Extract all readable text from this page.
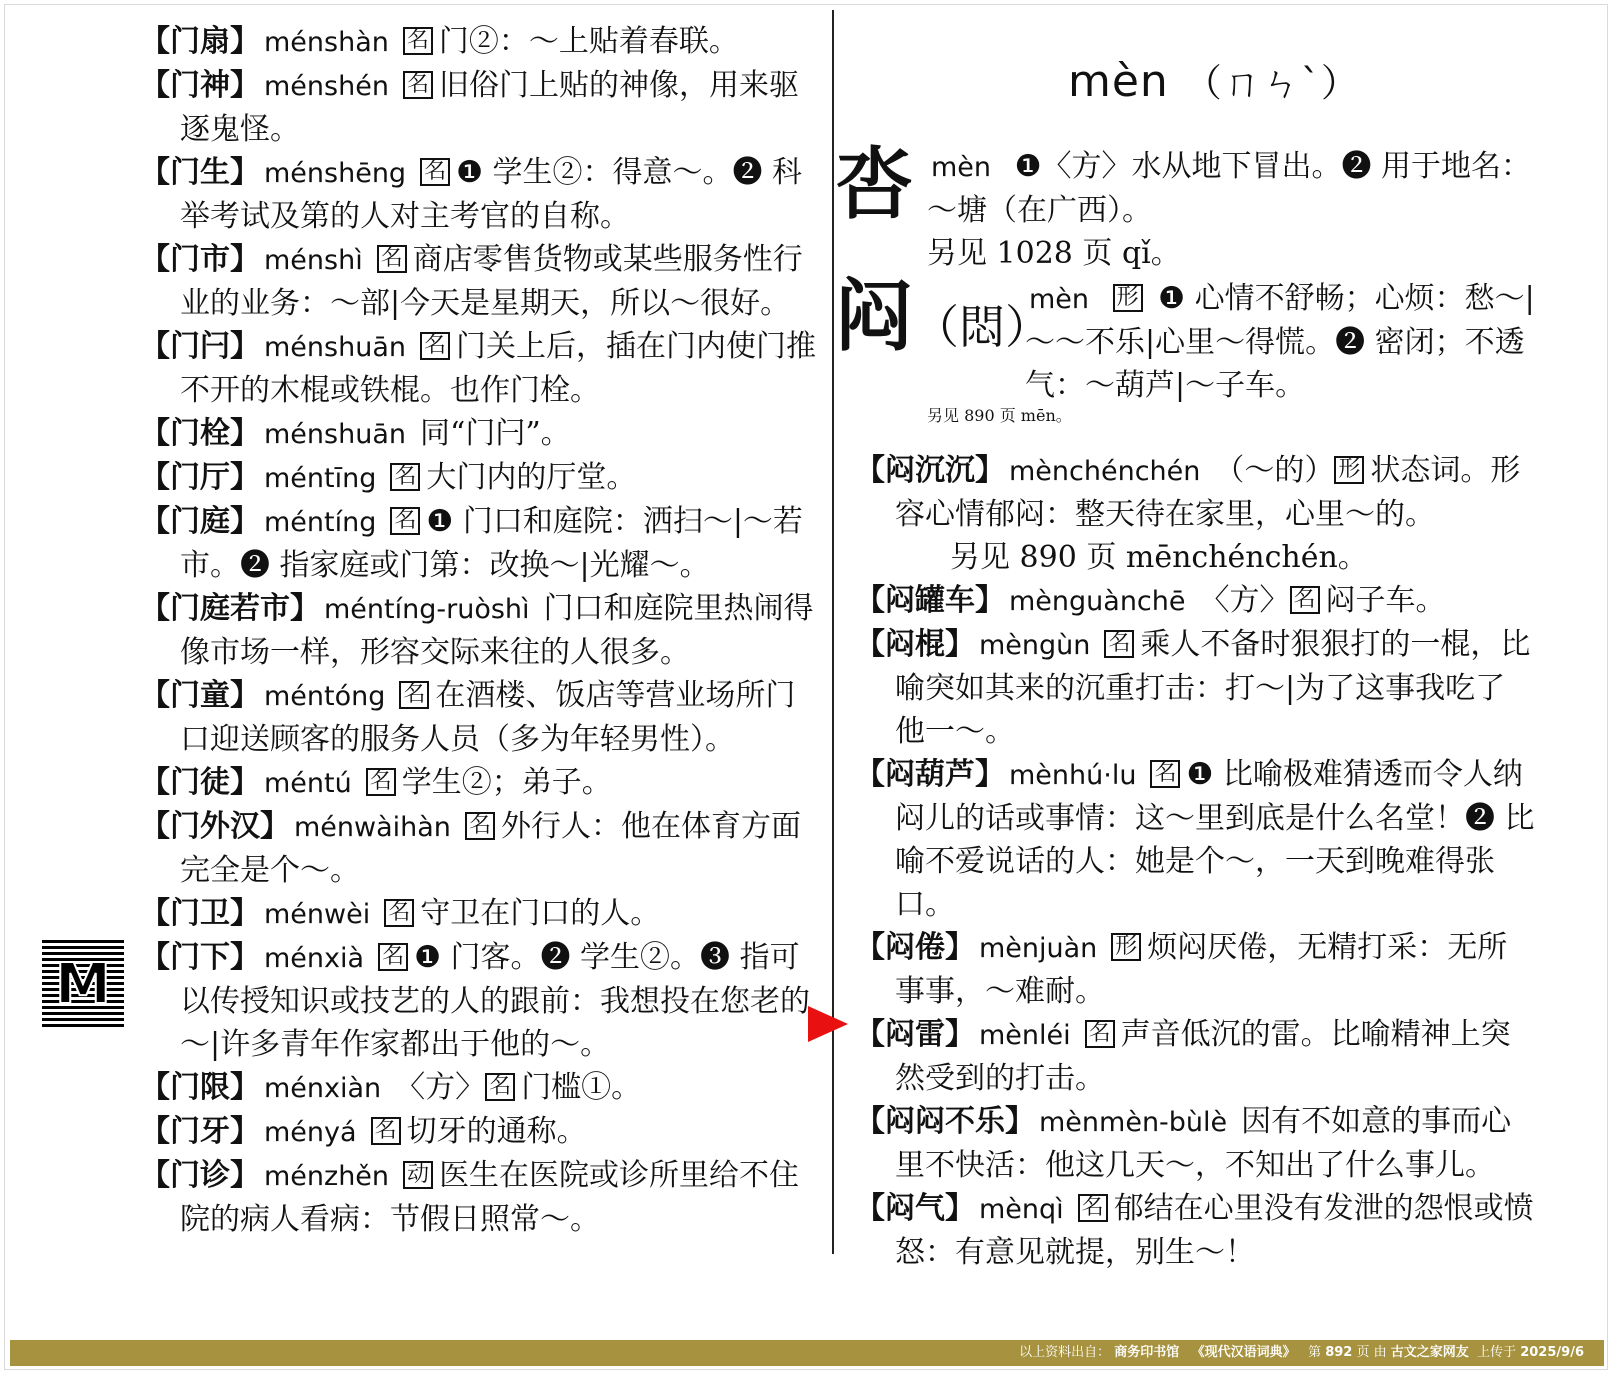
【门扇】 ménshàn 名 门②：～上贴着春联。
【门神】 ménshén 名 旧俗门上贴的神像，用来驱逐鬼怪。
【门生】 ménshēng 名 ❶ 学生②：得意～。❷ 科举考试及第的人对主考官的自称。
【门市】 ménshì 名 商店零售货物或某些服务性行业的业务：～部|今天是星期天，所以～很好。
【门闩】 ménshuān 名 门关上后，插在门内使门推不开的木棍或铁棍。也作门栓。
【门栓】 ménshuān 同“门闩”。
【门厅】 méntīng 名 大门内的厅堂。
【门庭】 méntíng 名 ❶ 门口和庭院：洒扫～|～若市。❷ 指家庭或门第：改换～|光耀～。
【门庭若市】 méntíng-ruòshì 门口和庭院里热闹得像市场一样，形容交际来往的人很多。
【门童】 méntóng 名 在酒楼、饭店等营业场所门口迎送顾客的服务人员（多为年轻男性）。
【门徒】 méntú 名 学生②；弟子。
【门外汉】 ménwàihàn 名 外行人：他在体育方面完全是个～。
【门卫】 ménwèi 名 守卫在门口的人。
【门下】 ménxià 名 ❶ 门客。❷ 学生②。❸ 指可以传授知识或技艺的人的跟前：我想投在您老的～|许多青年作家都出于他的～。
【门限】 ménxiàn 〈方〉 名 门槛①。
【门牙】 ményá 名 切牙的通称。
【门诊】 ménzhěn 动 医生在医院或诊所里给不住院的病人看病：节假日照常～。
mèn （ㄇㄣˋ）
呇 mèn ❶〈方〉水从地下冒出。❷ 用于地名：～塘（在广西）。
另见 1028 页 qǐ。
闷（悶）
mèn 形 ❶ 心情不舒畅；心烦：愁～|～～不乐|心里～得慌。❷ 密闭；不透气：～葫芦|～子车。
另见 890 页 mēn。
【闷沉沉】 mènchénchén （～的） 形 状态词。形容心情郁闷：整天待在家里，心里～的。
另见 890 页 mēnchénchén。
【闷罐车】 mènguànchē 〈方〉 名 闷子车。
【闷棍】 mèngùn 名 乘人不备时狠狠打的一棍，比喻突如其来的沉重打击：打～|为了这事我吃了他一～。
【闷葫芦】 mènhú·lu 名 ❶ 比喻极难猜透而令人纳闷儿的话或事情：这～里到底是什么名堂！❷ 比喻不爱说话的人：她是个～，一天到晚难得张口。
【闷倦】 mènjuàn 形 烦闷厌倦，无精打采：无所事事，～难耐。
【闷雷】 mènléi 名 声音低沉的雷。比喻精神上突然受到的打击。
【闷闷不乐】 mènmèn-bùlè 因有不如意的事而心里不快活：他这几天～，不知出了什么事儿。
【闷气】 mènqì 名 郁结在心里没有发泄的怨恨或愤怒：有意见就提，别生～！
M
以上资料出自： 商务印书馆 《现代汉语词典》 第 892 页 由 古文之家网友 上传于 2025/9/6
